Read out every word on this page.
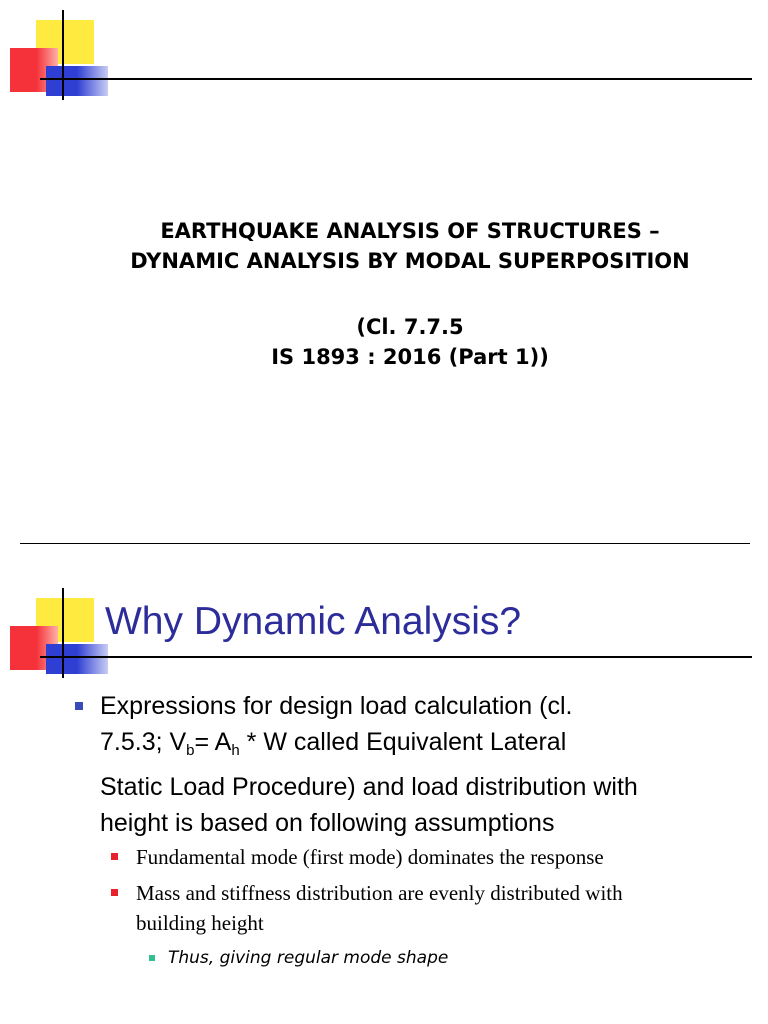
EARTHQUAKE ANALYSIS OF STRUCTURES –
DYNAMIC ANALYSIS BY MODAL SUPERPOSITION
(Cl. 7.7.5
IS 1893 : 2016 (Part 1))
Why Dynamic Analysis?
Expressions for design load calculation (cl.
7.5.3; $V_b= A_h * W$ called Equivalent Lateral
Static Load Procedure) and load distribution with
height is based on following assumptions
Fundamental mode (first mode) dominates the response
Mass and stiffness distribution are evenly distributed with
building height
Thus, giving regular mode shape
